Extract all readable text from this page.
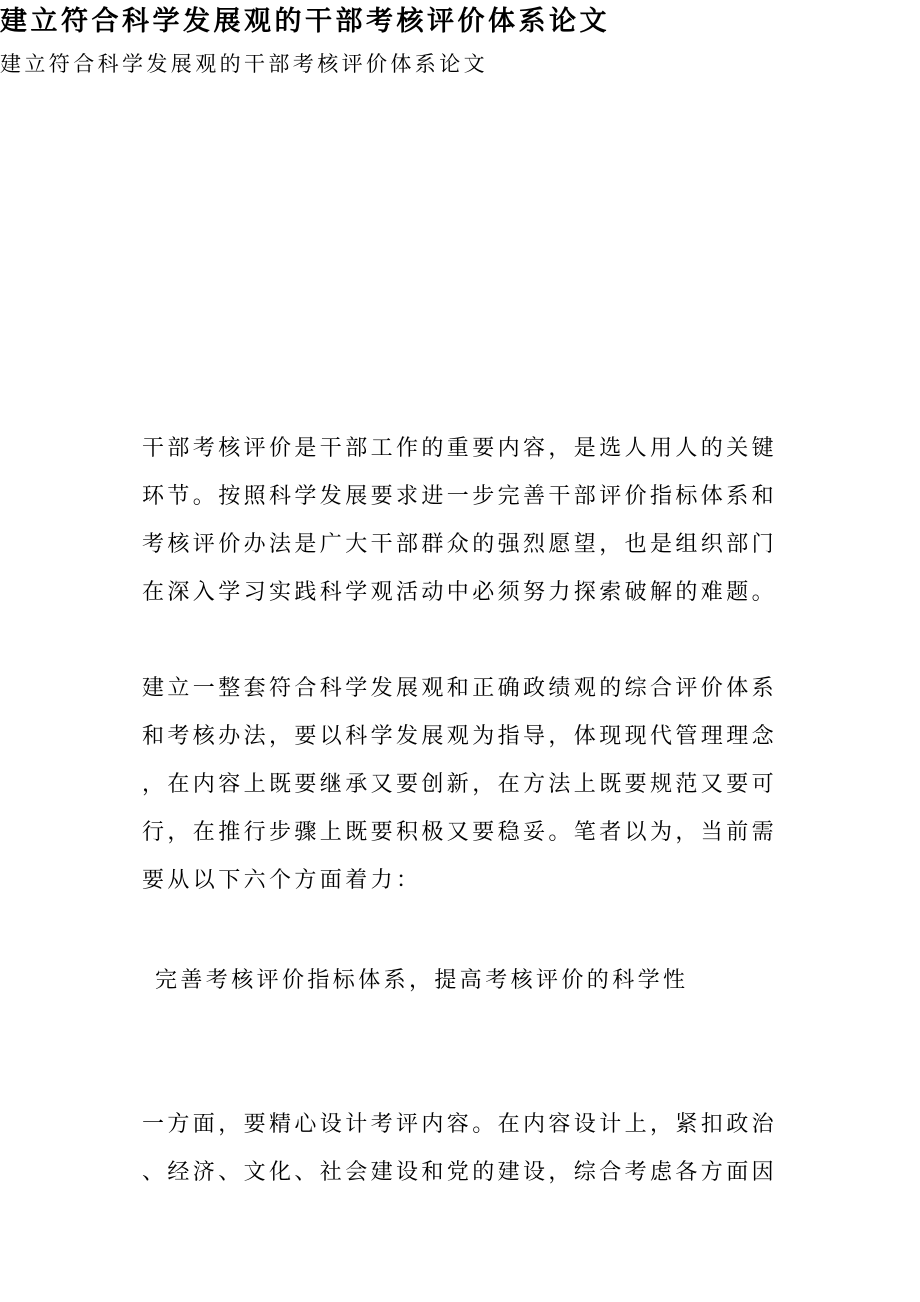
建立符合科学发展观的干部考核评价体系论文
建立符合科学发展观的干部考核评价体系论文
干部考核评价是干部工作的重要内容，是选人用人的关键
环节。按照科学发展要求进一步完善干部评价指标体系和
考核评价办法是广大干部群众的强烈愿望，也是组织部门
在深入学习实践科学观活动中必须努力探索破解的难题。
建立一整套符合科学发展观和正确政绩观的综合评价体系
和考核办法，要以科学发展观为指导，体现现代管理理念
，在内容上既要继承又要创新，在方法上既要规范又要可
行，在推行步骤上既要积极又要稳妥。笔者以为，当前需
要从以下六个方面着力：
完善考核评价指标体系，提高考核评价的科学性
一方面，要精心设计考评内容。在内容设计上，紧扣政治
、经济、文化、社会建设和党的建设，综合考虑各方面因
